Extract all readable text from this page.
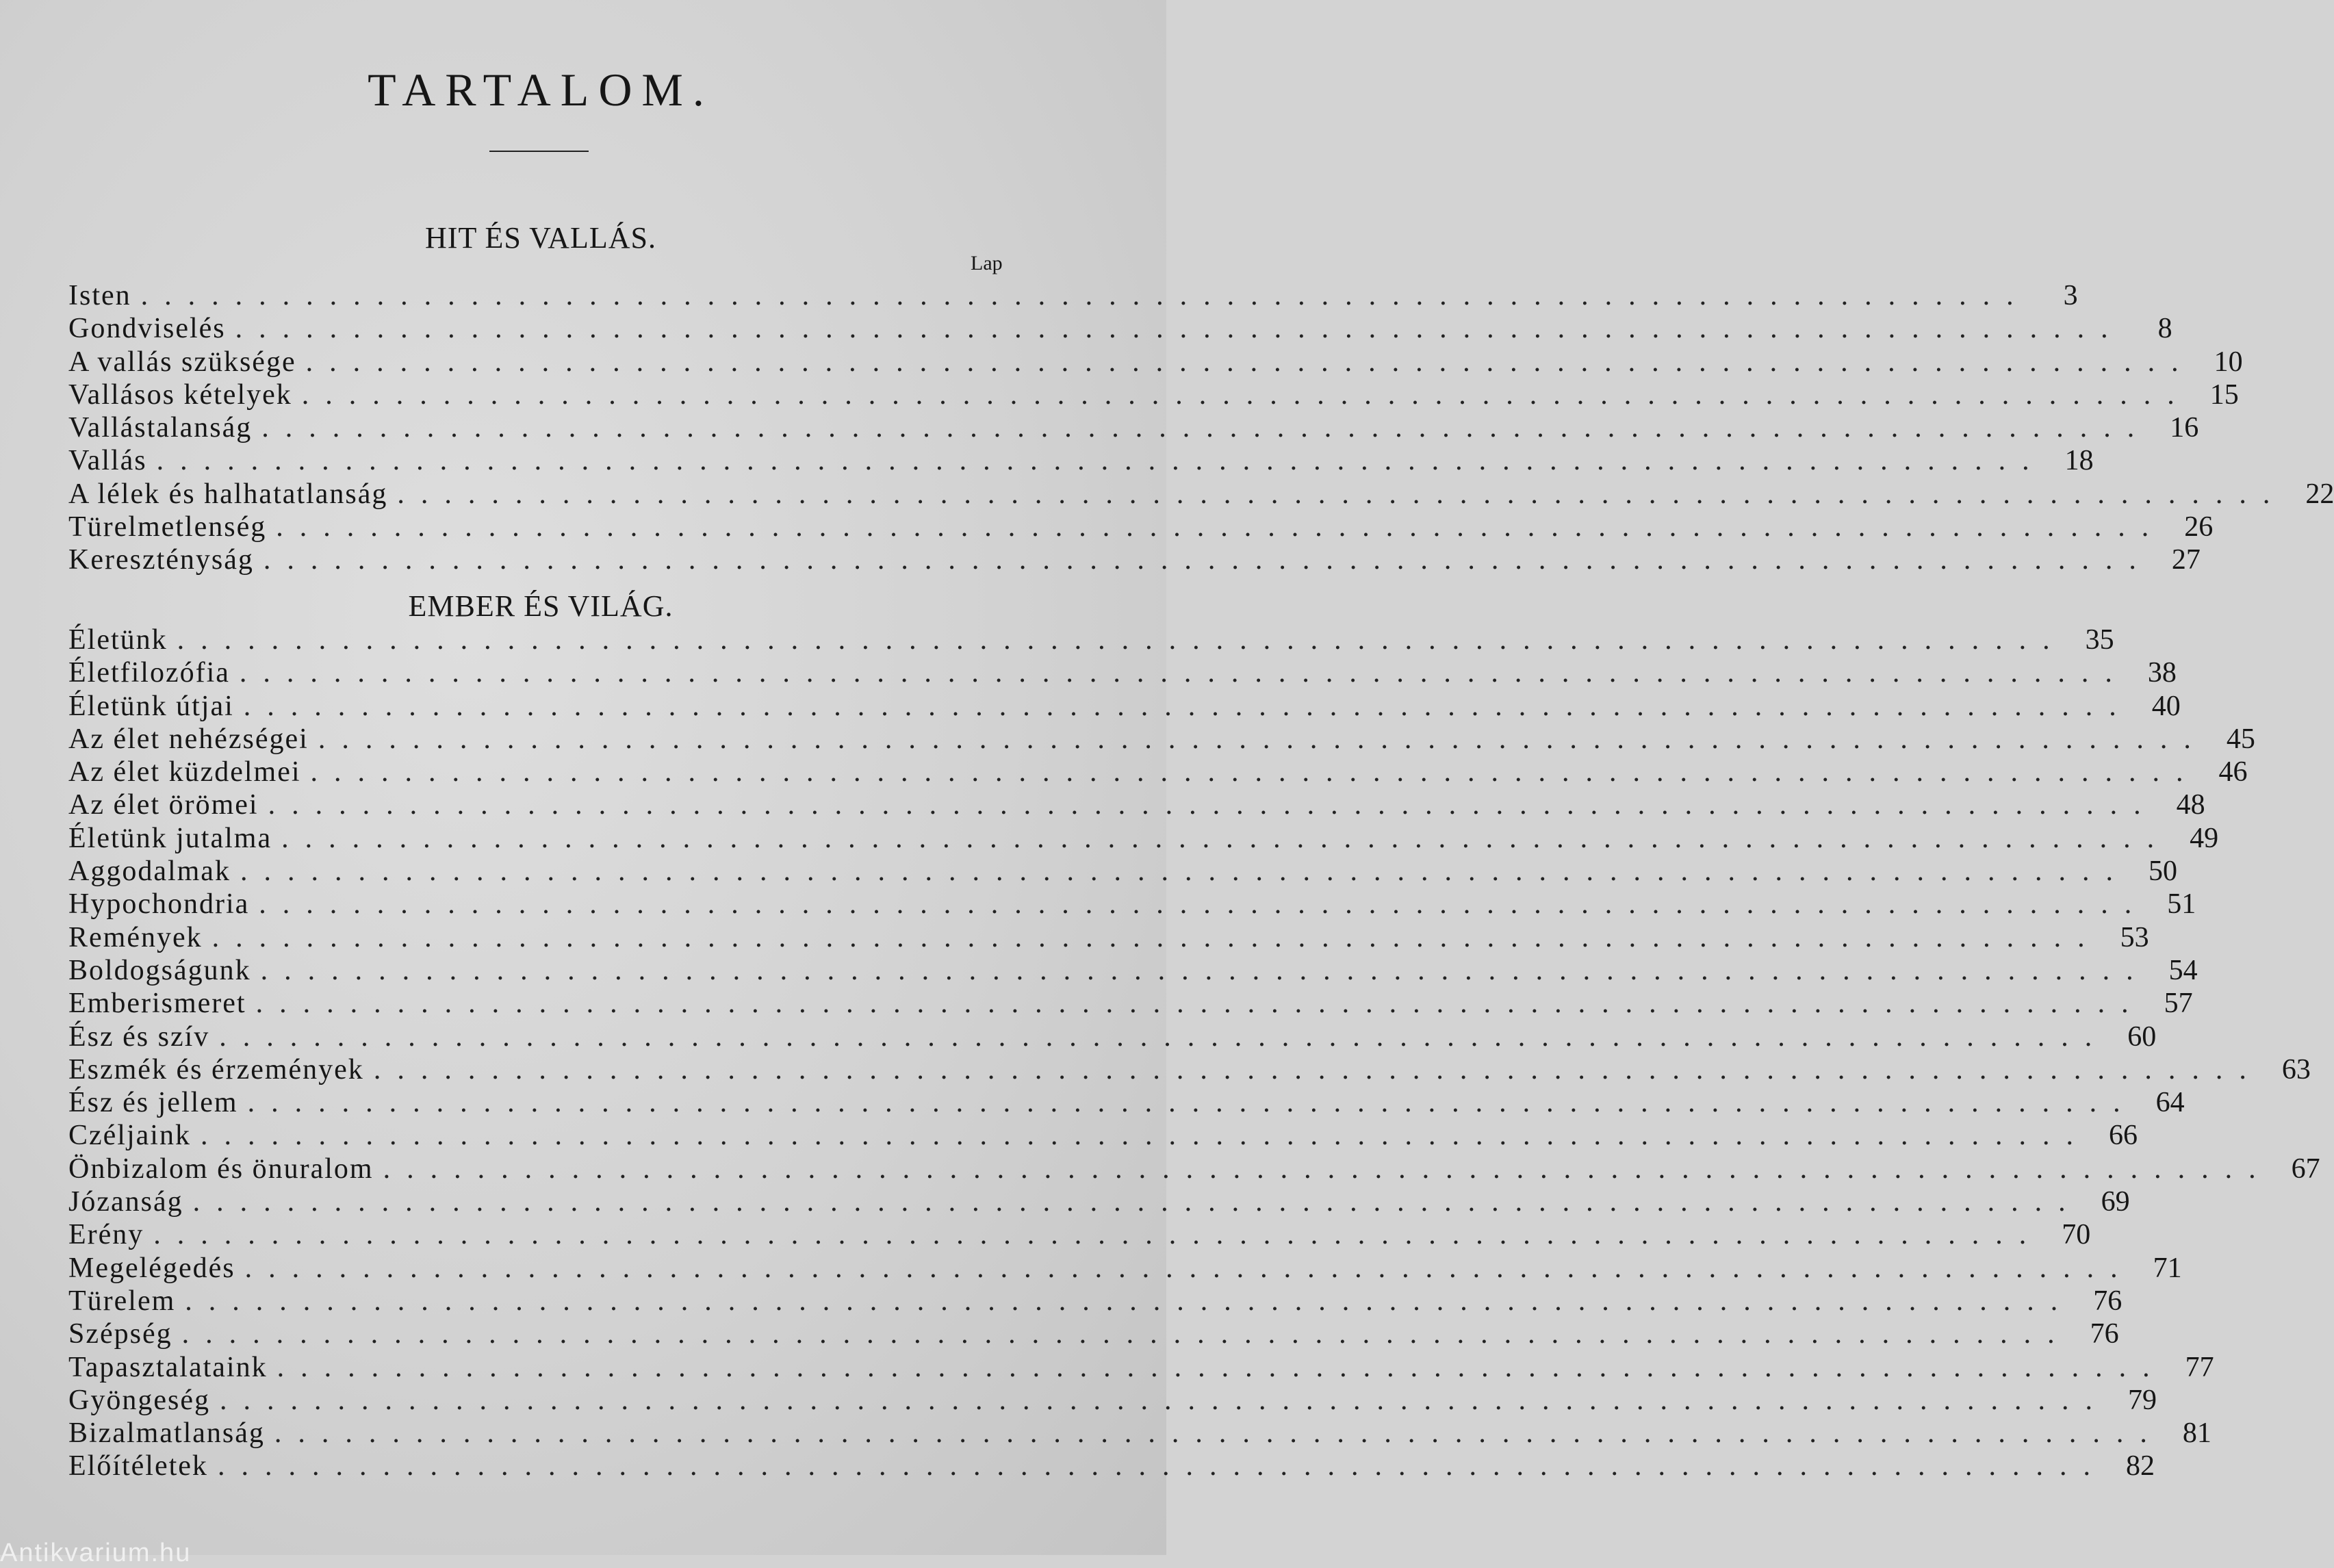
TARTALOM.
HIT ÉS VALLÁS.
Lap
Isten ................................................................................	3
Gondviselés ................................................................................	8
A vallás szüksége ................................................................................ 10
Vallásos kételyek ................................................................................ 15
Vallástalanság ................................................................................ 16
Vallás ................................................................................ 18
A lélek és halhatatlanság ................................................................................ 22
Türelmetlenség ................................................................................ 26
Keresztényság ................................................................................ 27
EMBER ÉS VILÁG.
Életünk ................................................................................ 35
Életfilozófia ................................................................................ 38
Életünk útjai ................................................................................ 40
Az élet nehézségei ................................................................................ 45
Az élet küzdelmei ................................................................................ 46
Az élet örömei ................................................................................ 48
Életünk jutalma ................................................................................ 49
Aggodalmak ................................................................................ 50
Hypochondria ................................................................................ 51
Remények ................................................................................ 53
Boldogságunk ................................................................................ 54
Emberismeret ................................................................................ 57
Ész és szív ................................................................................ 60
Eszmék és érzemények ................................................................................ 63
Ész és jellem ................................................................................ 64
Czéljaink ................................................................................ 66
Önbizalom és önuralom ................................................................................ 67
Józanság ................................................................................ 69
Erény ................................................................................ 70
Megelégedés ................................................................................ 71
Türelem ................................................................................ 76
Szépség ................................................................................ 76
Tapasztalataink ................................................................................ 77
Gyöngeség ................................................................................ 79
Bizalmatlanság ................................................................................ 81
Előítéletek ................................................................................ 82
Antikvarium.hu
